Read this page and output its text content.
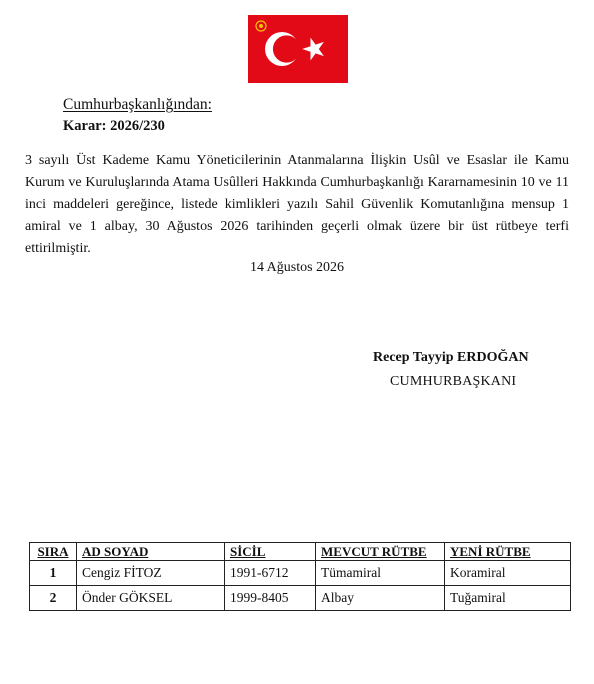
Cumhurbaşkanlığından:
Karar: 2026/230
3 sayılı Üst Kademe Kamu Yöneticilerinin Atanmalarına İlişkin Usûl ve Esaslar ile Kamu Kurum ve Kuruluşlarında Atama Usûlleri Hakkında Cumhurbaşkanlığı Kararnamesinin 10 ve 11 inci maddeleri gereğince, listede kimlikleri yazılı Sahil Güvenlik Komutanlığına mensup 1 amiral ve 1 albay, 30 Ağustos 2026 tarihinden geçerli olmak üzere bir üst rütbeye terfi ettirilmiştir.
14 Ağustos 2026
Recep Tayyip ERDOĞAN
CUMHURBAŞKANI
SIRA	AD SOYAD	SİCİL	MEVCUT RÜTBE	YENİ RÜTBE
1	Cengiz FİTOZ	1991-6712	Tümamiral	Koramiral
2	Önder GÖKSEL	1999-8405	Albay	Tuğamiral
